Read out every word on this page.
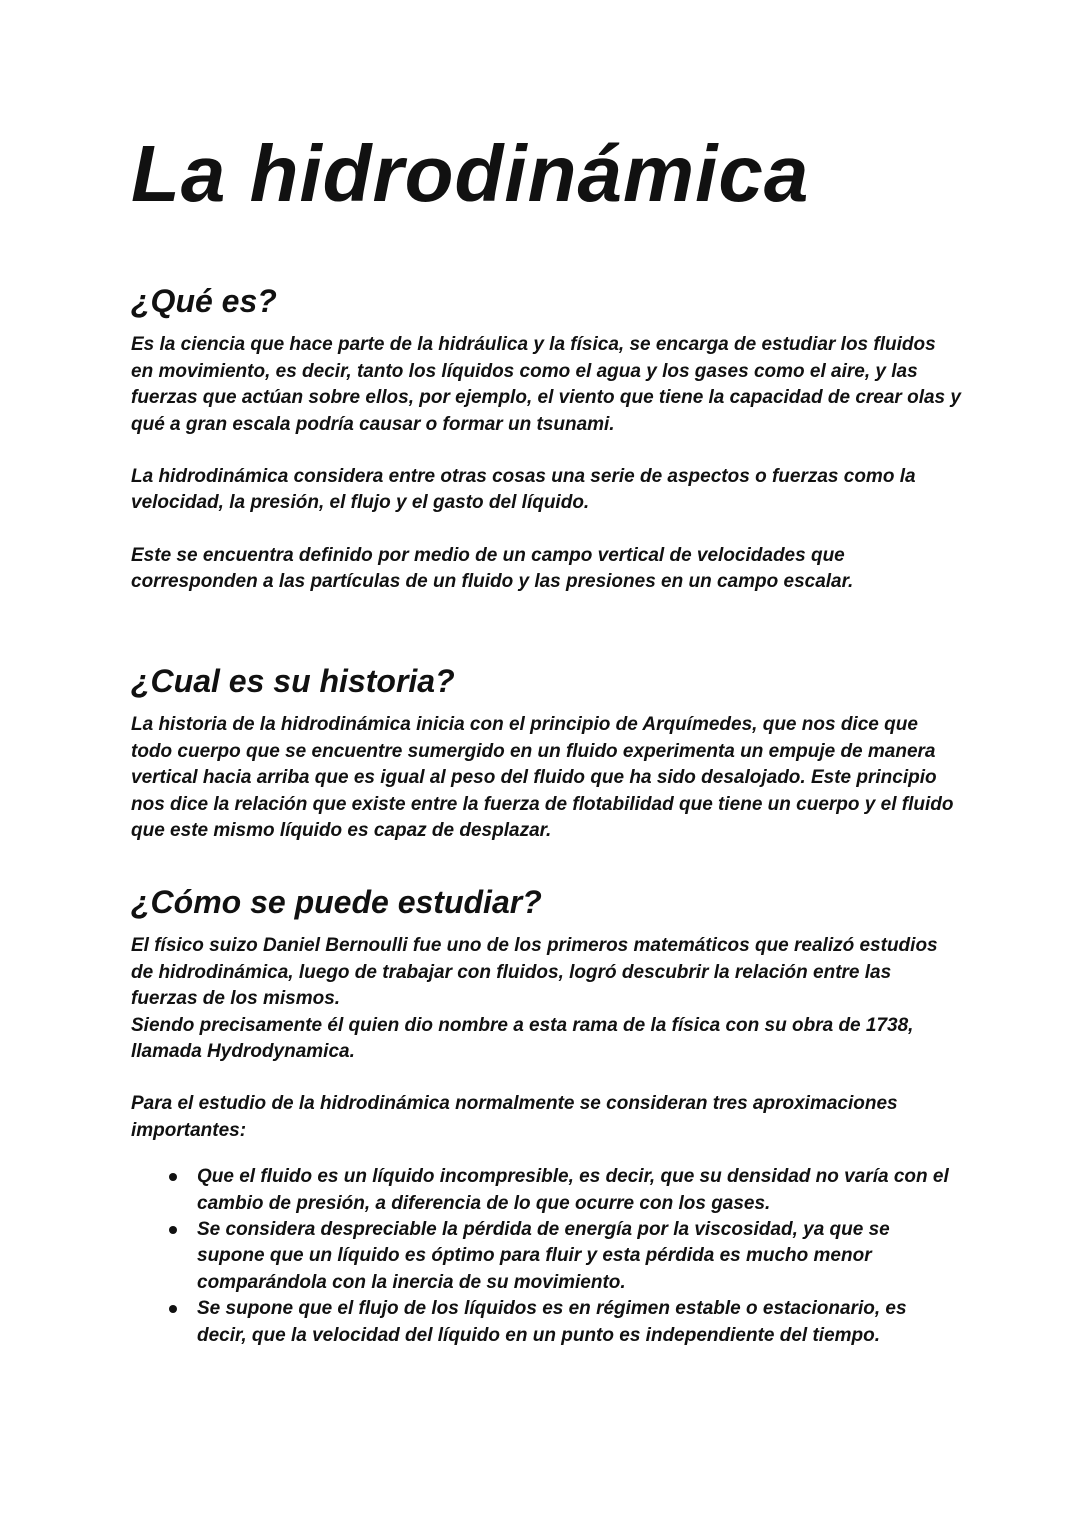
La hidrodinámica
¿Qué es?

Es la ciencia que hace parte de la hidráulica y la física, se encarga de estudiar los fluidos en movimiento, es decir, tanto los líquidos como el agua y los gases como el aire, y las fuerzas que actúan sobre ellos, por ejemplo, el viento que tiene la capacidad de crear olas y qué a gran escala podría causar o formar un tsunami.

La hidrodinámica considera entre otras cosas una serie de aspectos o fuerzas como la velocidad, la presión, el flujo y el gasto del líquido.

Este se encuentra definido por medio de un campo vertical de velocidades que corresponden a las partículas de un fluido y las presiones en un campo escalar.

¿Cual es su historia?

La historia de la hidrodinámica inicia con el principio de Arquímedes, que nos dice que todo cuerpo que se encuentre sumergido en un fluido experimenta un empuje de manera vertical hacia arriba que es igual al peso del fluido que ha sido desalojado. Este principio nos dice la relación que existe entre la fuerza de flotabilidad que tiene un cuerpo y el fluido que este mismo líquido es capaz de desplazar.

¿Cómo se puede estudiar?

El físico suizo Daniel Bernoulli fue uno de los primeros matemáticos que realizó estudios de hidrodinámica, luego de trabajar con fluidos, logró descubrir la relación entre las fuerzas de los mismos.

Siendo precisamente él quien dio nombre a esta rama de la física con su obra de 1738, llamada Hydrodynamica.

Para el estudio de la hidrodinámica normalmente se consideran tres aproximaciones importantes:

Que el fluido es un líquido incompresible, es decir, que su densidad no varía con el cambio de presión, a diferencia de lo que ocurre con los gases.
Se considera despreciable la pérdida de energía por la viscosidad, ya que se supone que un líquido es óptimo para fluir y esta pérdida es mucho menor comparándola con la inercia de su movimiento.
Se supone que el flujo de los líquidos es en régimen estable o estacionario, es decir, que la velocidad del líquido en un punto es independiente del tiempo.
